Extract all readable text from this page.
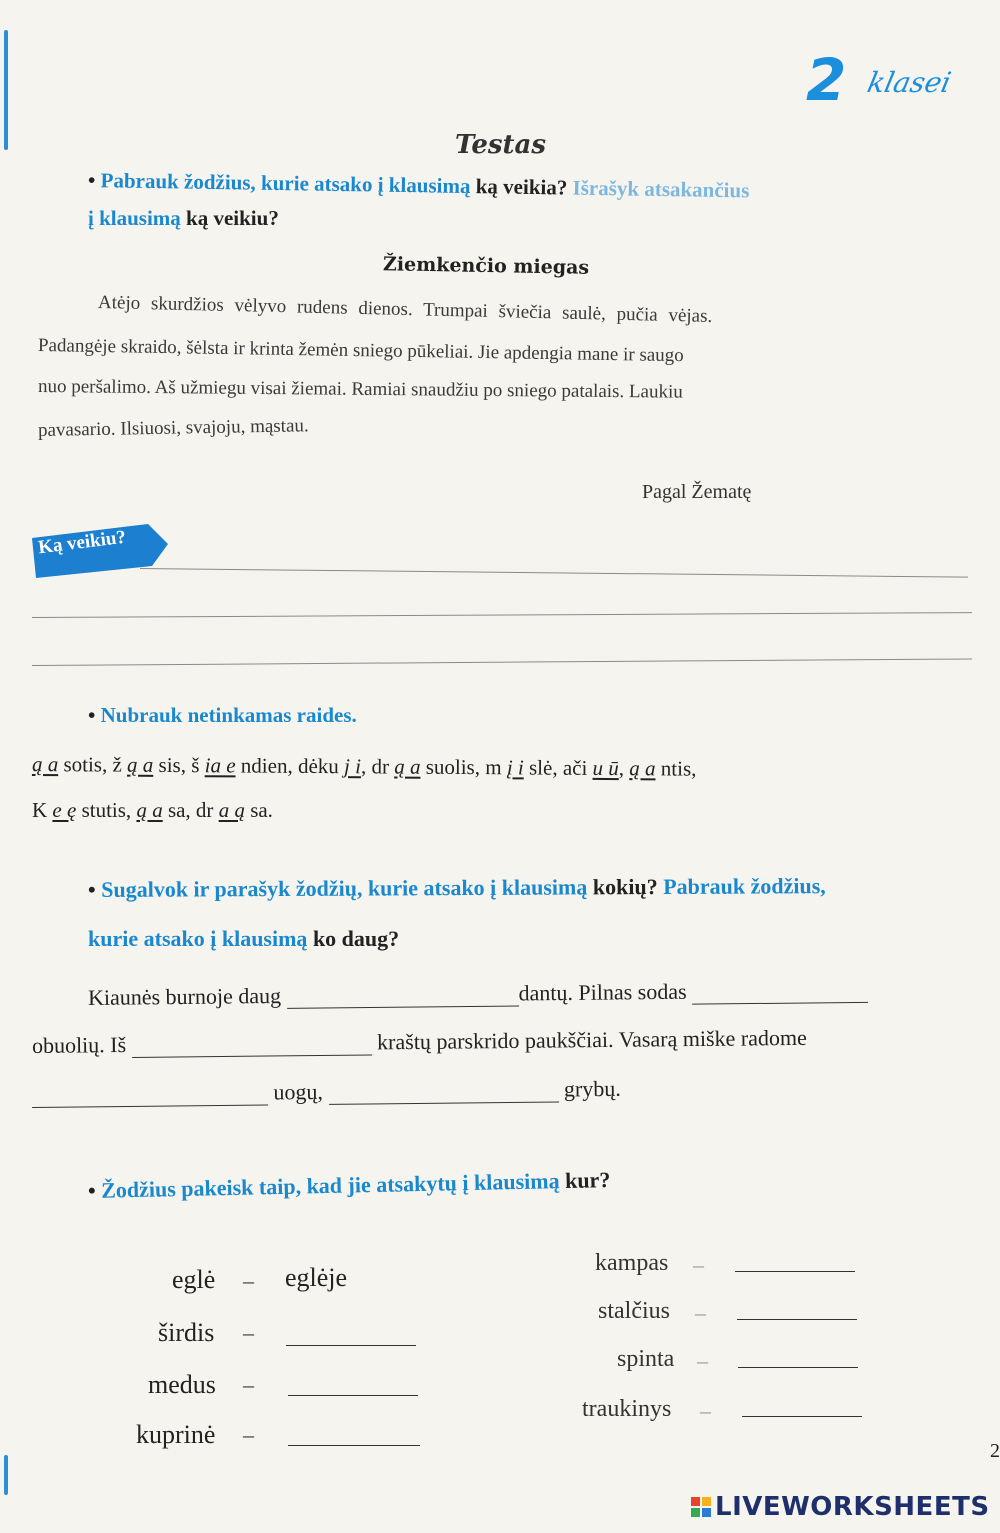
2 klasei
Testas
• Pabrauk žodžius, kurie atsako į klausimą ką veikia? Išrašyk atsakančius
į klausimą ką veikiu?
Žiemkenčio miegas
Atėjo skurdžios vėlyvo rudens dienos. Trumpai šviečia saulė, pučia vėjas.
Padangėje skraido, šėlsta ir krinta žemėn sniego pūkeliai. Jie apdengia mane ir saugo
nuo peršalimo. Aš užmiegu visai žiemai. Ramiai snaudžiu po sniego patalais. Laukiu
pavasario. Ilsiuosi, svajoju, mąstau.
Pagal Žematę
Ką veikiu?
• Nubrauk netinkamas raides.
ą a sotis, ž ą a sis, š ia e ndien, dėku j i, dr ą a suolis, m į i slė, ači u ū, ą a ntis,
K e ę stutis, ą a sa, dr a ą sa.
• Sugalvok ir parašyk žodžių, kurie atsako į klausimą kokių? Pabrauk žodžius,
kurie atsako į klausimą ko daug?
Kiaunės burnoje daug	dantų. Pilnas sodas
obuolių. Iš	kraštų parskrido paukščiai. Vasarą miške radome
uogų,	grybų.
• Žodžius pakeisk taip, kad jie atsakytų į klausimą kur?
eglė – eglėje
širdis –
medus –
kuprinė –
kampas –
stalčius –
spinta –
traukinys –
2
LIVEWORKSHEETS
